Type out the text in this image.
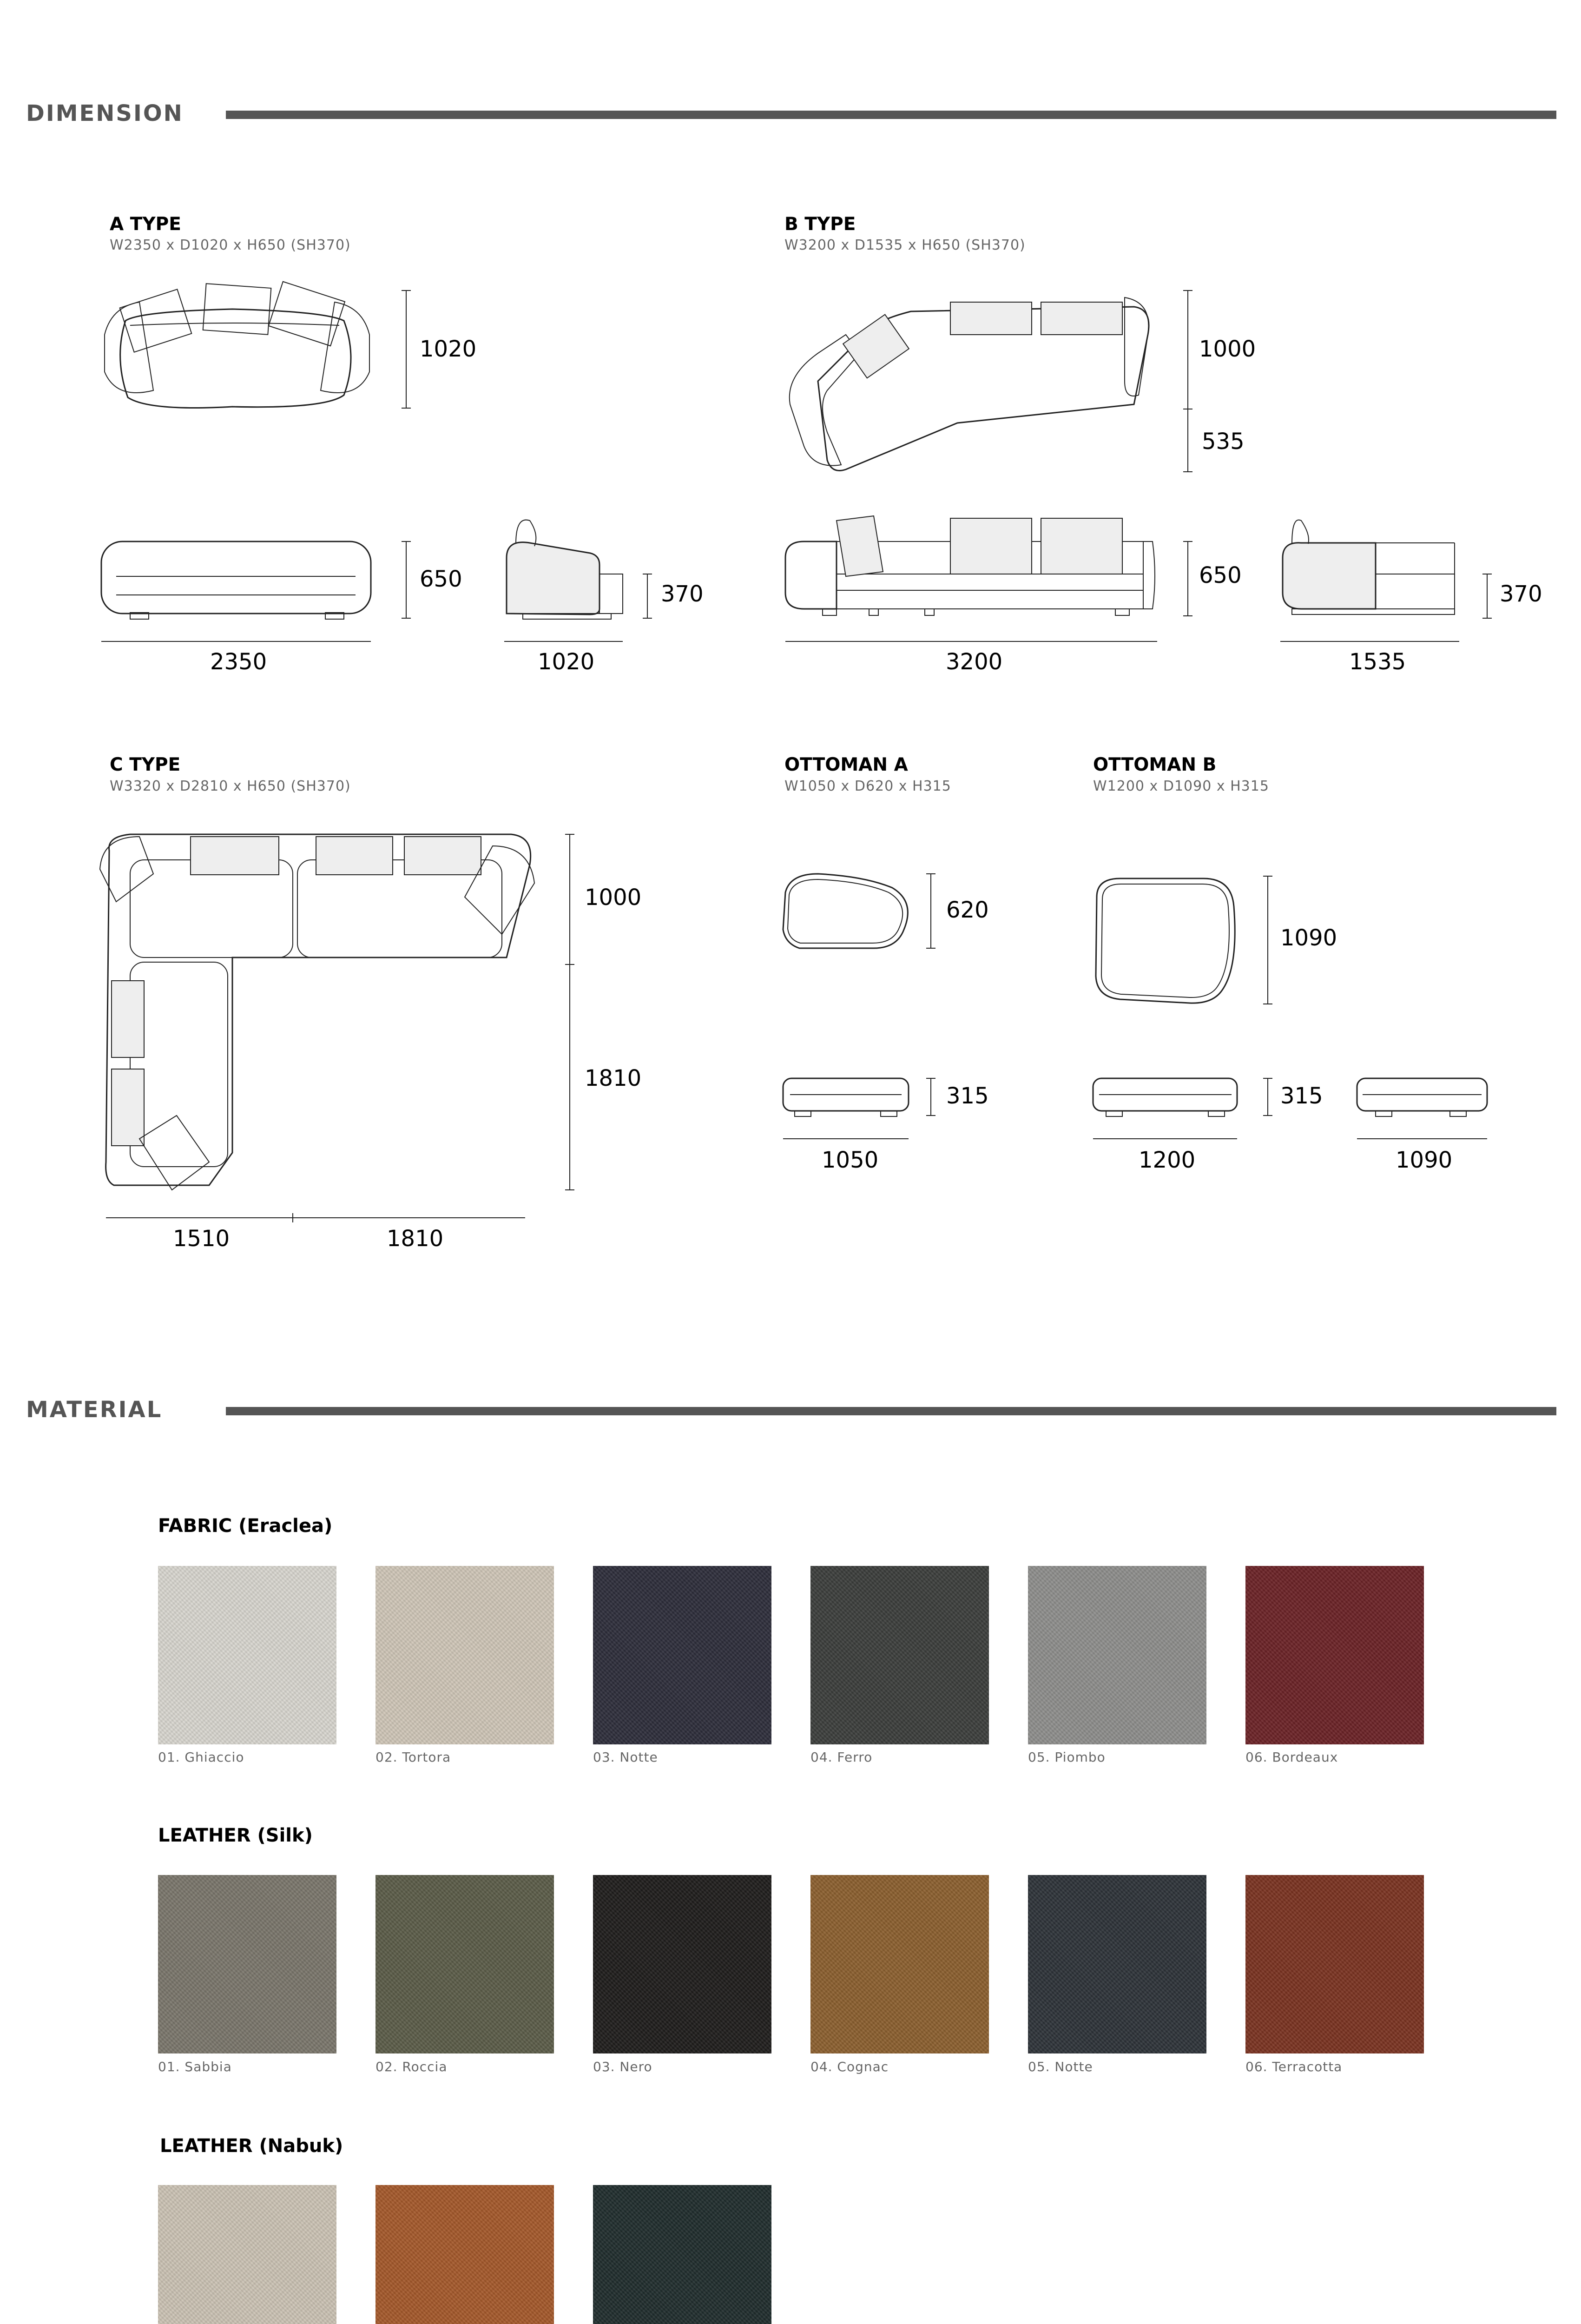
DIMENSION
A TYPE
W2350 x D1020 x H650 (SH370)
B TYPE
W3200 x D1535 x H650 (SH370)
C TYPE
W3320 x D2810 x H650 (SH370)
OTTOMAN A
W1050 x D620 x H315
OTTOMAN B
W1200 x D1090 x H315
1020
650
370
2350	1020
1000
535
650
370
3200	1535
1000
1810
1510	1810
620
315
1050
1090
315
1200	1090
MATERIAL
FABRIC (Eraclea)
01. Ghiaccio	02. Tortora	03. Notte	04. Ferro	05. Piombo	06. Bordeaux
LEATHER (Silk)
01. Sabbia	02. Roccia	03. Nero	04. Cognac	05. Notte	06. Terracotta
LEATHER (Nabuk)
